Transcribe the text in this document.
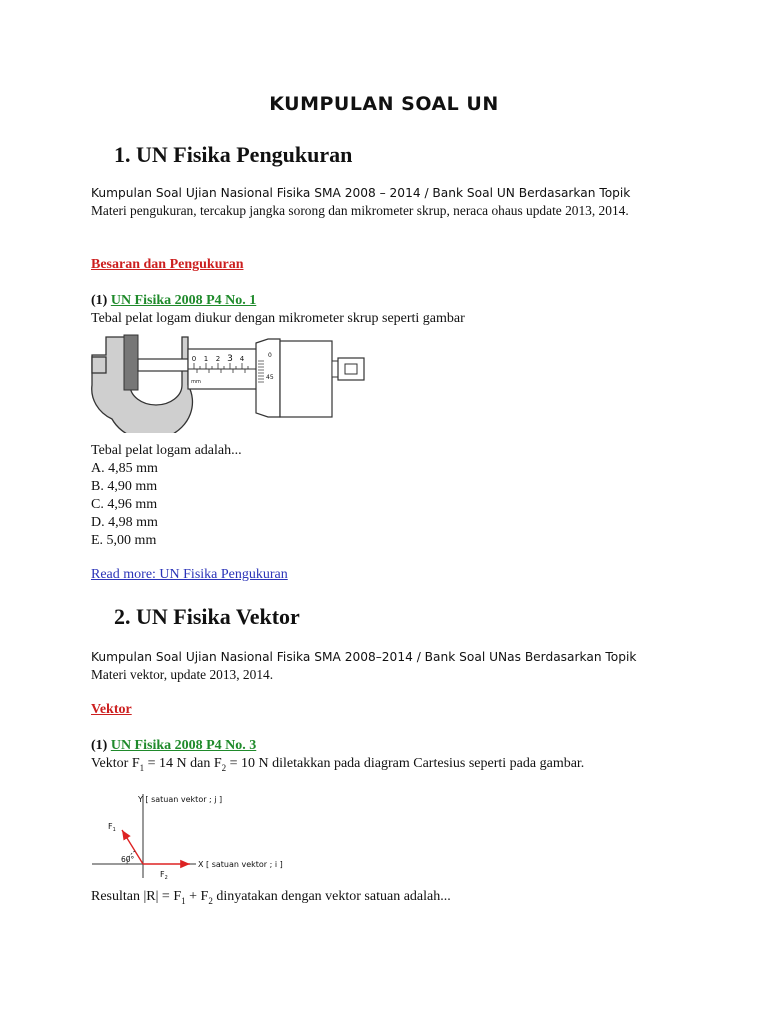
KUMPULAN SOAL UN
1. UN Fisika Pengukuran
Kumpulan Soal Ujian Nasional Fisika SMA 2008 – 2014 / Bank Soal UN Berdasarkan Topik
Materi pengukuran, tercakup jangka sorong dan mikrometer skrup, neraca ohaus update 2013, 2014.
Besaran dan Pengukuran
(1) UN Fisika 2008 P4 No. 1
Tebal pelat logam diukur dengan mikrometer skrup seperti gambar
0 1 2 3 4
mm
0
45
Tebal pelat logam adalah...
A. 4,85 mm
B. 4,90 mm
C. 4,96 mm
D. 4,98 mm
E. 5,00 mm
Read more: UN Fisika Pengukuran
2. UN Fisika Vektor
Kumpulan Soal Ujian Nasional Fisika SMA 2008–2014 / Bank Soal UNas Berdasarkan Topik
Materi vektor, update 2013, 2014.
Vektor
(1) UN Fisika 2008 P4 No. 3
Vektor $F_1 = 14$ N dan $F_2 = 10$ N diletakkan pada diagram Cartesius seperti pada gambar.
Y [ satuan vektor ; j ]
X [ satuan vektor ; i ]
$F_1$
$F_2$
60°
Resultan $|R| = F_1 + F_2$ dinyatakan dengan vektor satuan adalah...
